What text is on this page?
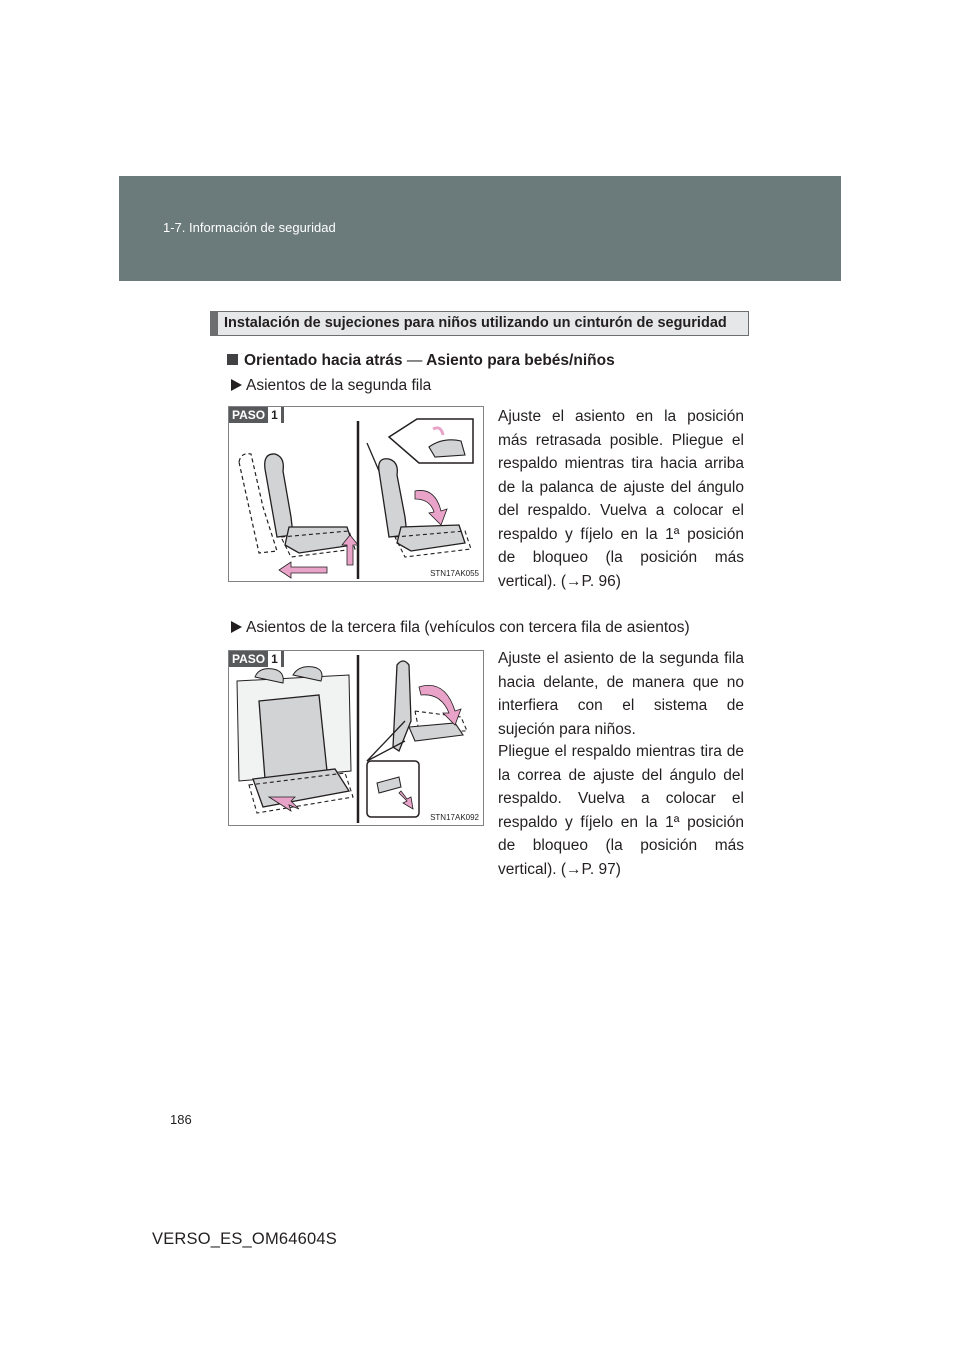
1-7. Información de seguridad
Instalación de sujeciones para niños utilizando un cinturón de seguridad
Orientado hacia atrás — Asiento para bebés/niños
Asientos de la segunda fila
PASO 1
STN17AK055
Ajuste el asiento en la posición más retrasada posible. Pliegue el respaldo mientras tira hacia arriba de la palanca de ajuste del ángulo del respaldo. Vuelva a colocar el respaldo y fíjelo en la 1ª posición de bloqueo (la posición más vertical). (→P. 96)
Asientos de la tercera fila (vehículos con tercera fila de asientos)
PASO 1
STN17AK092
Ajuste el asiento de la segunda fila hacia delante, de manera que no interfiera con el sistema de sujeción para niños.
Pliegue el respaldo mientras tira de la correa de ajuste del ángulo del respaldo. Vuelva a colocar el respaldo y fíjelo en la 1ª posición de bloqueo (la posición más vertical). (→P. 97)
186
VERSO_ES_OM64604S
